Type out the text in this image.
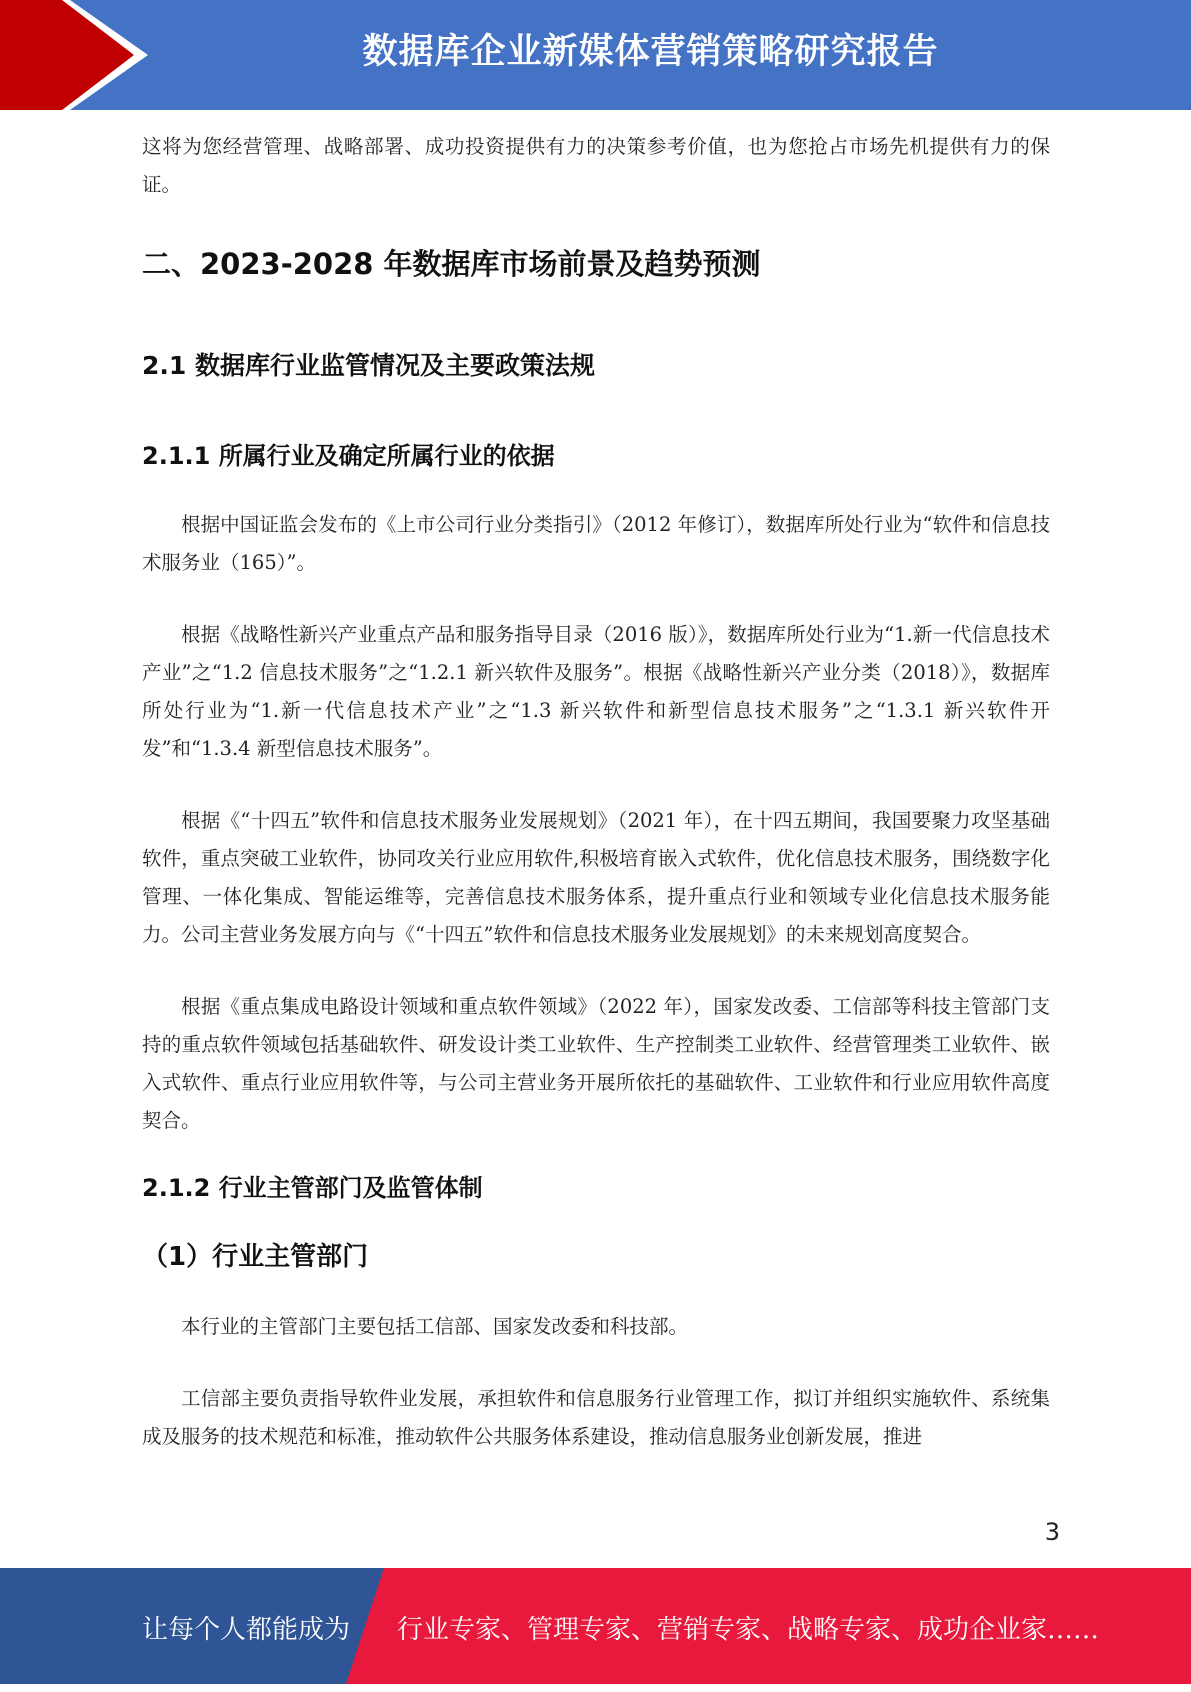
数据库企业新媒体营销策略研究报告

这将为您经营管理、战略部署、成功投资提供有力的决策参考价值，也为您抢占市场先机提供有力的保证。

二、2023-2028 年数据库市场前景及趋势预测
2.1 数据库行业监管情况及主要政策法规
2.1.1 所属行业及确定所属行业的依据

根据中国证监会发布的《上市公司行业分类指引》（2012 年修订），数据库所处行业为“软件和信息技术服务业（165）”。

根据《战略性新兴产业重点产品和服务指导目录（2016 版）》，数据库所处行业为“1.新一代信息技术产业”之“1.2 信息技术服务”之“1.2.1 新兴软件及服务”。根据《战略性新兴产业分类（2018）》，数据库所处行业为“1.新一代信息技术产业”之“1.3 新兴软件和新型信息技术服务”之“1.3.1 新兴软件开发”和“1.3.4 新型信息技术服务”。

根据《“十四五”软件和信息技术服务业发展规划》（2021 年），在十四五期间，我国要聚力攻坚基础软件，重点突破工业软件，协同攻关行业应用软件,积极培育嵌入式软件，优化信息技术服务，围绕数字化管理、一体化集成、智能运维等，完善信息技术服务体系，提升重点行业和领域专业化信息技术服务能力。公司主营业务发展方向与《“十四五”软件和信息技术服务业发展规划》的未来规划高度契合。

根据《重点集成电路设计领域和重点软件领域》（2022 年），国家发改委、工信部等科技主管部门支持的重点软件领域包括基础软件、研发设计类工业软件、生产控制类工业软件、经营管理类工业软件、嵌入式软件、重点行业应用软件等，与公司主营业务开展所依托的基础软件、工业软件和行业应用软件高度契合。

2.1.2 行业主管部门及监管体制
（1）行业主管部门

本行业的主管部门主要包括工信部、国家发改委和科技部。

工信部主要负责指导软件业发展，承担软件和信息服务行业管理工作，拟订并组织实施软件、系统集成及服务的技术规范和标准，推动软件公共服务体系建设，推动信息服务业创新发展，推进

3
让每个人都能成为 行业专家、管理专家、营销专家、战略专家、成功企业家……
